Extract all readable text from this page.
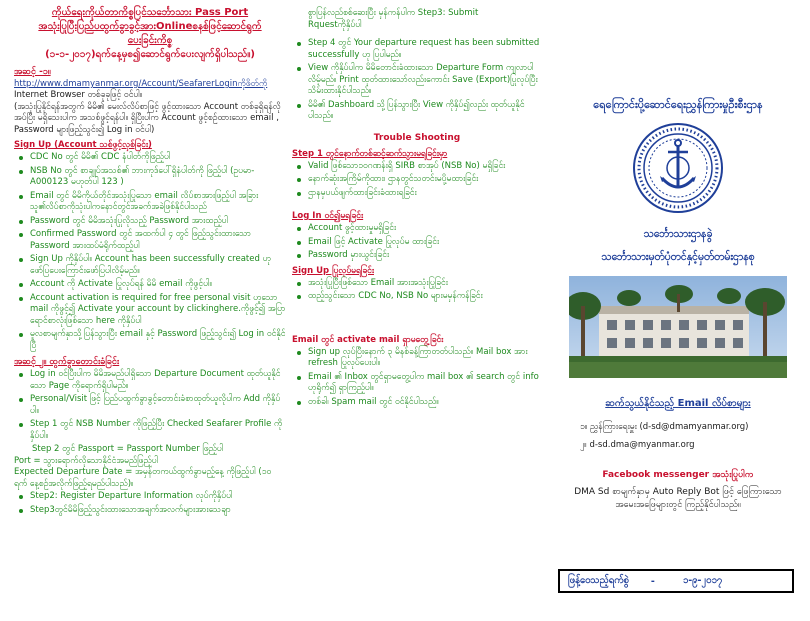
ကိုယ်ရေးကိုယ်တာကိစ္စပြင်သင်္ဘောသား Pass Port
အသုံးပြုပြီးပြည်ပထွက်ခွာခွင့်အားOnlineစနစ်ဖြင့်ဆောင်ရွက်
ပေးခြင်းကိစ္စ
(၁-၁-၂၀၁၇)ရက်နေ့မှစ၍ဆောင်ရွက်ပေးလျက်ရှိပါသည်။)
အဆင့် -၁။
http://www.dmamyanmar.org/Account/SeafarerLoginကိုဖိတ်ကို
Internet Browser တစ်ခုခုဖြင့် ဝင်ပါ။
(အသုံးပြုနိုင်ရန်အတွက် မိမိ၏ မေးလ်လိပ်စာဖြင့် ဖွင့်ထားသော Account တစ်ခုရှိရန်လိုအပ်ပြီး မရှိသေးပါက အသစ်ဖွင့်ရန်ပါ။ ရှိပြီးပါက Account ဖွင့်စဉ်ထားသော email , Password များဖြည့်သွင်း၍ Log in ဝင်ပါ)
Sign Up (Account သစ်ဖွင့်လှစ်ခြင်း)
CDC No တွင် မိမိ၏ CDC နံပါတ်ကိုဖြည့်ပါ
NSB No တွင် စာချုပ်အသစ်၏ ဘားကုဒ်ပေါ်ရှိနံပါတ်ကို ဖြည့်ပါ (ဥပမာ- A000123 မဟုတ်ပါ 123 )
Email တွင် မိမိကိုယ်တိုင်အသုံးပြုသော email လိပ်စာအားဖြည့်ပါ အခြားသူ၏လိပ်စာကိုသုံးပါကနောင်တွင်အခက်အခဲဖြစ်နိုင်ပါသည်
Password တွင် မိမိအသုံးပြုလိုသည့် Password အားထည့်ပါ
Confirmed Password တွင် အထက်ပါ ၄ တွင် ဖြည့်သွင်းထားသော Password အားထပ်မံရိုက်ထည့်ပါ
Sign Up ကိုနှိပ်ပါ။ Account has been successfully created ဟု ဖော်ပြပေးကြောင်းဖော်ပြပါလိမ့်မည်။
Account ကို Activate ပြုလုပ်ရန် မိမိ email ကိုဖွင့်ပါ။
Account activation is required for free personal visit ဟူသော mail ကိုဖွင့်၍ Activate your account by clickinghere.ကိုဖွင့်၍ အပြာရောင်စာလုံးဖြစ်သော here ကိုနှိပ်ပါ
မူလစာမျက်နှာသို့ပြန်သွားပြီး email နှင့် Password ဖြည့်သွင်း၍ Log in ဝင်နိုင်ပြီ
အဆင့် ၂။ ထွက်ခွာတောင်းခံခြင်း
Log in ဝင်ပြီးပါက မိမိအမည်ပါရှိသော Departure Document ထုတ်ယူနိုင်သော Page ကိုရောက်ရှိပါမည်။
Personal/Visit ဖြင့် ပြည်ပထွက်ခွာခွင့်တောင်းခံစာထုတ်ယူလိုပါက Add ကိုနှိပ်ပါ။
Step 1 တွင် NSB Number ကိုဖြည့်ပြီး Checked Seafarer Profile ကိုနှိပ်ပါ။
Step 2 တွင် Passport = Passport Number ဖြည့်ပါ
Port = သွားရောက်လိုသောနိုင်ငံအမည်ဖြည့်ပါ
Expected Departure Date = အမှန်တကယ်ထွက်ခွာမည့်နေ့ ကိုဖြည့်ပါ (၁၀ ရက် နေ့စဉ်အလိုက်ဖြည့်ရမည်ပါသည်)။
Step2: Register Departure Information လုပ်ကိုနှိပ်ပါ
Step3တွင်မိမိဖြည့်သွင်းထားသောအချက်အလက်များအားသေချာ
စွာပြန်လည်စစ်ဆေးပြီး မှန်ကန်ပါက Step3: Submit
Rquestကိုနှိပ်ပါ
Step 4 တွင် Your departure request has been submitted successfully ဟု ပြပါမည်။
View ကိုနှိပ်ပါက မိမိတောင်းခံထားသော Departure Form ကျလာပါလိမ့်မည်။ Print ထုတ်ထားသော်လည်းကောင်း Save (Export)ပြုလုပ်ပြီးသိမ်းထားနိုင်ပါသည်။
မိမိ၏ Dashboard သို့ပြန်သွားပြီး View ကိုနှိပ်၍လည်း ထုတ်ယူနိုင်ပါသည်။
Trouble Shooting
Step 1 တွင်နောက်တစ်ဆင့်ဆက်သွားမရခြင်းမှာ
Valid ဖြစ်သော၁၀ဂဏန်းရှိ SIRB စာအုပ် (NSB No) မရှိခြင်း
နောက်ဆုံးအကြိမ်ကိုထား၊ ဌာနတွင်သတင်းမပို့မထားခြင်း
ဌာနမှပယ်ဖျက်ထားခြင်းခံထားရခြင်း
Log In ဝင်၍မရခြင်း
Account ဖွင့်ထားမှုမရှိခြင်း
Email ဖြင့် Activate ပြုလုပ်မ ထားခြင်း
Password မှားယွင်းခြင်း
Sign Up ပြုလုပ်မရခြင်း
အသုံးပြုပြီးဖြစ်သော Email အားအသုံးပြုခြင်း
ထည့်သွင်းသော CDC No, NSB No များမမှန်ကန်ခြင်း
Email တွင် activate mail ရှာမတွေ့ခြင်း
Sign up လုပ်ပြီးနောက် ၃ မိနစ်ခန့်ကြာတတ်ပါသည်။ Mail box အား refresh ပြုလုပ်ပေးပါ။
Email ၏ Inbox တွင်ရှာမတွေ့ပါက mail box ၏ search တွင် info ဟုရိုက်၍ ရှာကြည့်ပါ။
တစ်ခါ၊ Spam mail တွင် ဝင်နိုင်ပါသည်။
ရေကြောင်းပို့ဆောင်ရေးညွှန်ကြားမှုဦးစီးဌာန
သင်္ဘောသားဌာနခွဲ
သင်္ဘောသားမှတ်ပုံတင်နှင့်မှတ်တမ်းဌာနစု
ဆက်သွယ်နိုင်သည့် Email လိပ်စာများ
၁။ ညွှန်ကြားရေးမှူး (d-sd@dmamyanmar.org)
၂။ d-sd.dma@myanmar.org
Facebook messenger အသုံးပြုပါက
DMA Sd စာမျက်နှာမှ Auto Reply Bot ဖြင့် ဖြေကြားသော
အမေးအဖြေများတွင် ကြည့်နိုင်ပါသည်။
ဖြန့်ဝေသည့်ရက်စွဲ -	၁-၉-၂၀၁၇
